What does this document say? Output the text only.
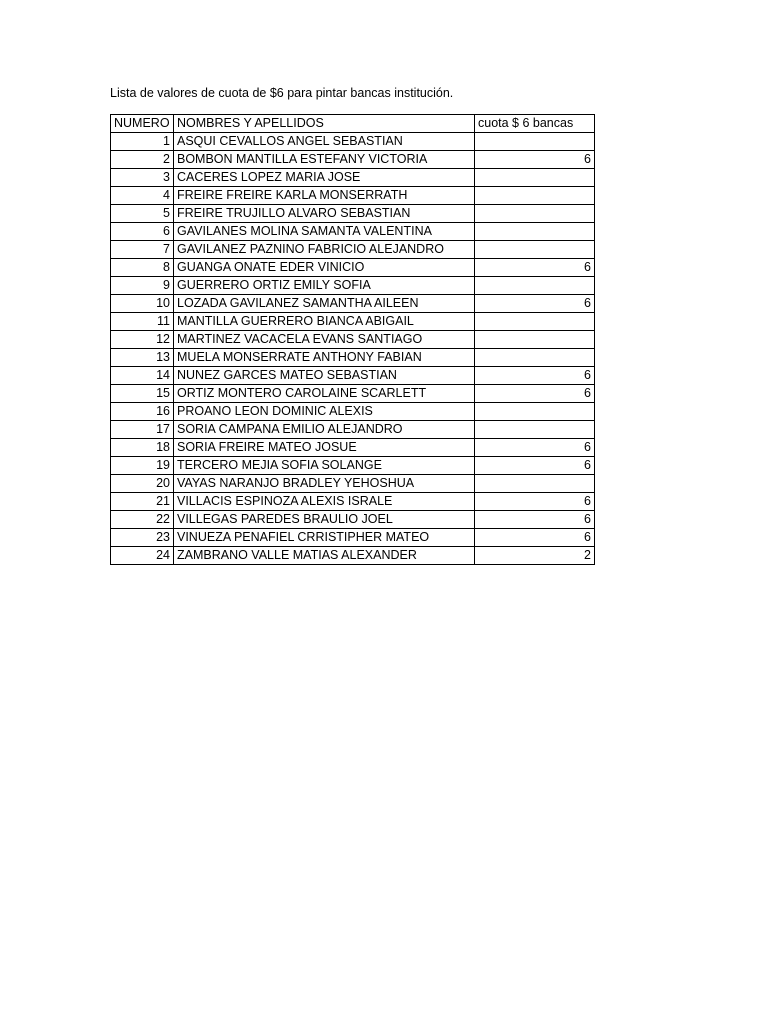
Lista de valores de cuota de $6 para pintar bancas institución.
NUMERO	NOMBRES Y APELLIDOS	cuota $ 6 bancas
1	ASQUI CEVALLOS ANGEL SEBASTIAN	
2	BOMBON MANTILLA ESTEFANY VICTORIA	6
3	CACERES LOPEZ MARIA JOSE	
4	FREIRE FREIRE KARLA MONSERRATH	
5	FREIRE TRUJILLO ALVARO SEBASTIAN	
6	GAVILANES MOLINA SAMANTA VALENTINA	
7	GAVILANEZ PAZNINO FABRICIO ALEJANDRO	
8	GUANGA ONATE EDER VINICIO	6
9	GUERRERO ORTIZ EMILY SOFIA	
10	LOZADA GAVILANEZ SAMANTHA AILEEN	6
11	MANTILLA GUERRERO BIANCA ABIGAIL	
12	MARTINEZ VACACELA EVANS SANTIAGO	
13	MUELA MONSERRATE ANTHONY FABIAN	
14	NUNEZ GARCES MATEO SEBASTIAN	6
15	ORTIZ MONTERO CAROLAINE SCARLETT	6
16	PROANO LEON DOMINIC ALEXIS	
17	SORIA CAMPANA EMILIO ALEJANDRO	
18	SORIA FREIRE MATEO JOSUE	6
19	TERCERO MEJIA SOFIA SOLANGE	6
20	VAYAS NARANJO BRADLEY YEHOSHUA	
21	VILLACIS ESPINOZA ALEXIS ISRALE	6
22	VILLEGAS PAREDES BRAULIO JOEL	6
23	VINUEZA PENAFIEL CRRISTIPHER MATEO	6
24	ZAMBRANO VALLE MATIAS ALEXANDER	2
